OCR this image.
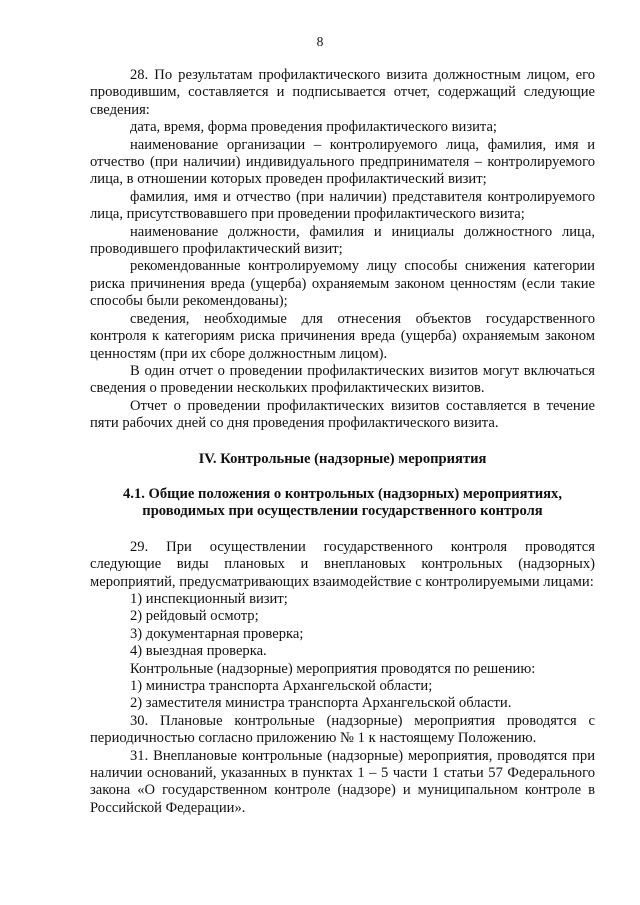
8

28. По результатам профилактического визита должностным лицом, его проводившим, составляется и подписывается отчет, содержащий следующие сведения:

дата, время, форма проведения профилактического визита;

наименование организации – контролируемого лица, фамилия, имя и отчество (при наличии) индивидуального предпринимателя – контролируемого лица, в отношении которых проведен профилактический визит;

фамилия, имя и отчество (при наличии) представителя контролируемого лица, присутствовавшего при проведении профилактического визита;

наименование должности, фамилия и инициалы должностного лица, проводившего профилактический визит;

рекомендованные контролируемому лицу способы снижения категории риска причинения вреда (ущерба) охраняемым законом ценностям (если такие способы были рекомендованы);

сведения, необходимые для отнесения объектов государственного контроля к категориям риска причинения вреда (ущерба) охраняемым законом ценностям (при их сборе должностным лицом).

В один отчет о проведении профилактических визитов могут включаться сведения о проведении нескольких профилактических визитов.

Отчет о проведении профилактических визитов составляется в течение пяти рабочих дней со дня проведения профилактического визита.

IV. Контрольные (надзорные) мероприятия

4.1. Общие положения о контрольных (надзорных) мероприятиях, проводимых при осуществлении государственного контроля

29. При осуществлении государственного контроля проводятся следующие виды плановых и внеплановых контрольных (надзорных) мероприятий, предусматривающих взаимодействие с контролируемыми лицами:

1) инспекционный визит;

2) рейдовый осмотр;

3) документарная проверка;

4) выездная проверка.

Контрольные (надзорные) мероприятия проводятся по решению:

1) министра транспорта Архангельской области;

2) заместителя министра транспорта Архангельской области.

30. Плановые контрольные (надзорные) мероприятия проводятся с периодичностью согласно приложению № 1 к настоящему Положению.

31. Внеплановые контрольные (надзорные) мероприятия, проводятся при наличии оснований, указанных в пунктах 1 – 5 части 1 статьи 57 Федерального закона «О государственном контроле (надзоре) и муниципальном контроле в Российской Федерации».
